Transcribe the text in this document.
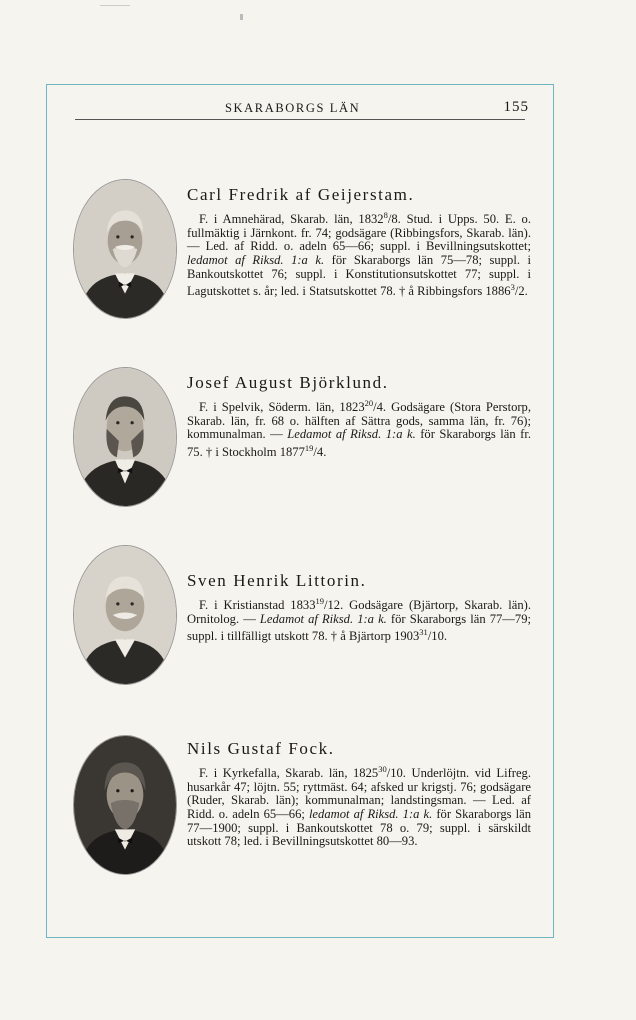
SKARABORGS LÄN	155
Carl Fredrik af Geijerstam.

F. i Amnehärad, Skarab. län, 1832$^8$/8. Stud. i Upps. 50. E. o. fullmäktig i Järnkont. fr. 74; godsägare (Ribbingsfors, Skarab. län). — Led. af Ridd. o. adeln 65—66; suppl. i Bevillningsutskottet; ledamot af Riksd. 1:a k. för Skaraborgs län 75—78; suppl. i Bankoutskottet 76; suppl. i Konstitutionsutskottet 77; suppl. i Lagutskottet s. år; led. i Statsutskottet 78. † å Ribbingsfors 1886$^3$/2.

Josef August Björklund.

F. i Spelvik, Söderm. län, 1823$^{20}$/4. Godsägare (Stora Perstorp, Skarab. län, fr. 68 o. hälften af Sättra gods, samma län, fr. 76); kommunalman. — Ledamot af Riksd. 1:a k. för Skaraborgs län fr. 75. † i Stockholm 1877$^{19}$/4.

Sven Henrik Littorin.

F. i Kristianstad 1833$^{19}$/12. Godsägare (Bjärtorp, Skarab. län). Ornitolog. — Ledamot af Riksd. 1:a k. för Skaraborgs län 77—79; suppl. i tillfälligt utskott 78. † å Bjärtorp 1903$^{31}$/10.

Nils Gustaf Fock.

F. i Kyrkefalla, Skarab. län, 1825$^{30}$/10. Underlöjtn. vid Lifreg. husarkår 47; löjtn. 55; ryttmäst. 64; afsked ur krigstj. 76; godsägare (Ruder, Skarab. län); kommunalman; landstingsman. — Led. af Ridd. o. adeln 65—66; ledamot af Riksd. 1:a k. för Skaraborgs län 77—1900; suppl. i Bankoutskottet 78 o. 79; suppl. i särskildt utskott 78; led. i Bevillningsutskottet 80—93.
